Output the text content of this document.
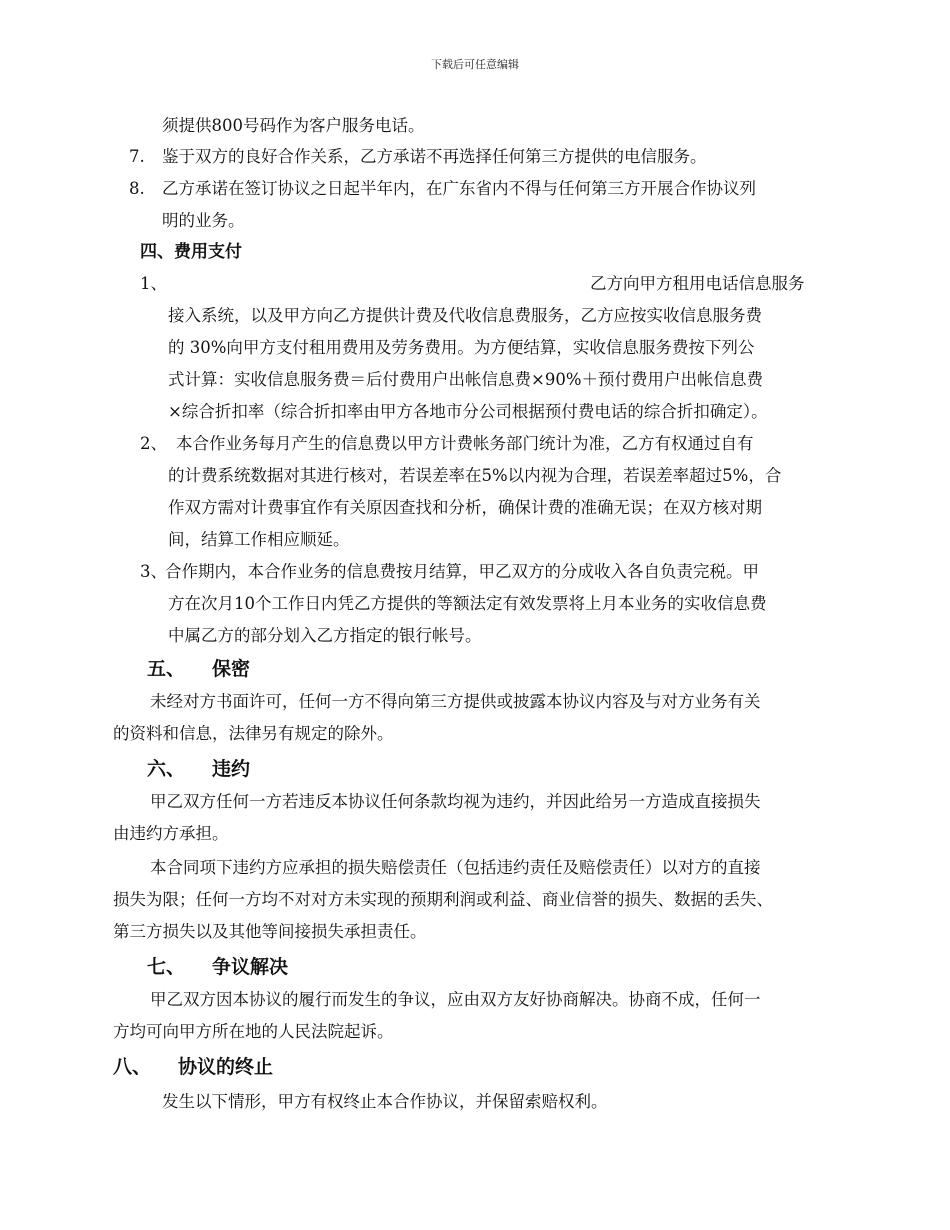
下载后可任意编辑
须提供800号码作为客户服务电话。
7. 鉴于双方的良好合作关系，乙方承诺不再选择任何第三方提供的电信服务。
8. 乙方承诺在签订协议之日起半年内，在广东省内不得与任何第三方开展合作协议列
明的业务。
四、费用支付
1、	乙方向甲方租用电话信息服务
接入系统，以及甲方向乙方提供计费及代收信息费服务，乙方应按实收信息服务费
的 30%向甲方支付租用费用及劳务费用。为方便结算，实收信息服务费按下列公
式计算：实收信息服务费＝后付费用户出帐信息费×90%＋预付费用户出帐信息费
×综合折扣率（综合折扣率由甲方各地市分公司根据预付费电话的综合折扣确定）。
2、 本合作业务每月产生的信息费以甲方计费帐务部门统计为准，乙方有权通过自有
的计费系统数据对其进行核对，若误差率在5%以内视为合理，若误差率超过5%，合
作双方需对计费事宜作有关原因查找和分析，确保计费的准确无误；在双方核对期
间，结算工作相应顺延。
3、
合作期内，本合作业务的信息费按月结算，甲乙双方的分成收入各自负责完税。甲
方在次月10个工作日内凭乙方提供的等额法定有效发票将上月本业务的实收信息费
中属乙方的部分划入乙方指定的银行帐号。
五、 保密
未经对方书面许可，任何一方不得向第三方提供或披露本协议内容及与对方业务有关
的资料和信息，法律另有规定的除外。
六、 违约
甲乙双方任何一方若违反本协议任何条款均视为违约，并因此给另一方造成直接损失
由违约方承担。
本合同项下违约方应承担的损失赔偿责任（包括违约责任及赔偿责任）以对方的直接
损失为限；任何一方均不对对方未实现的预期利润或利益、商业信誉的损失、数据的丢失、
第三方损失以及其他等间接损失承担责任。
七、 争议解决
甲乙双方因本协议的履行而发生的争议，应由双方友好协商解决。协商不成，任何一
方均可向甲方所在地的人民法院起诉。
八、 协议的终止
发生以下情形，甲方有权终止本合作协议，并保留索赔权利。
